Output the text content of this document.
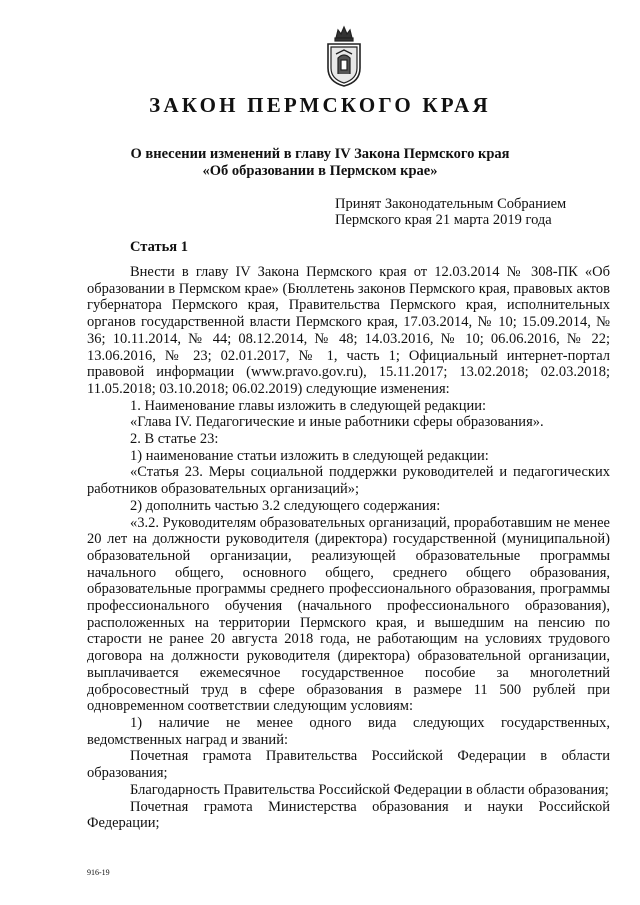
ЗАКОН ПЕРМСКОГО КРАЯ
О внесении изменений в главу IV Закона Пермского края
«Об образовании в Пермском крае»
Принят Законодательным Собранием
Пермского края 21 марта 2019 года
Статья 1

Внести в главу IV Закона Пермского края от 12.03.2014 № 308-ПК «Об образовании в Пермском крае» (Бюллетень законов Пермского края, правовых актов губернатора Пермского края, Правительства Пермского края, исполнительных органов государственной власти Пермского края, 17.03.2014, № 10; 15.09.2014, № 36; 10.11.2014, № 44; 08.12.2014, № 48; 14.03.2016, № 10; 06.06.2016, № 22; 13.06.2016, № 23; 02.01.2017, № 1, часть 1; Официальный интернет-портал правовой информации (www.pravo.gov.ru), 15.11.2017; 13.02.2018; 02.03.2018; 11.05.2018; 03.10.2018; 06.02.2019) следующие изменения:

1. Наименование главы изложить в следующей редакции:

«Глава IV. Педагогические и иные работники сферы образования».

2. В статье 23:

1) наименование статьи изложить в следующей редакции:

«Статья 23. Меры социальной поддержки руководителей и педагогических работников образовательных организаций»;

2) дополнить частью 3.2 следующего содержания:

«3.2. Руководителям образовательных организаций, проработавшим не менее 20 лет на должности руководителя (директора) государственной (муниципальной) образовательной организации, реализующей образовательные программы начального общего, основного общего, среднего общего образования, образовательные программы среднего профессионального образования, программы профессионального обучения (начального профессионального образования), расположенных на территории Пермского края, и вышедшим на пенсию по старости не ранее 20 августа 2018 года, не работающим на условиях трудового договора на должности руководителя (директора) образовательной организации, выплачивается ежемесячное государственное пособие за многолетний добросовестный труд в сфере образования в размере 11 500 рублей при одновременном соответствии следующим условиям:

1) наличие не менее одного вида следующих государственных, ведомственных наград и званий:

Почетная грамота Правительства Российской Федерации в области образования;

Благодарность Правительства Российской Федерации в области образования;

Почетная грамота Министерства образования и науки Российской Федерации;

916-19
